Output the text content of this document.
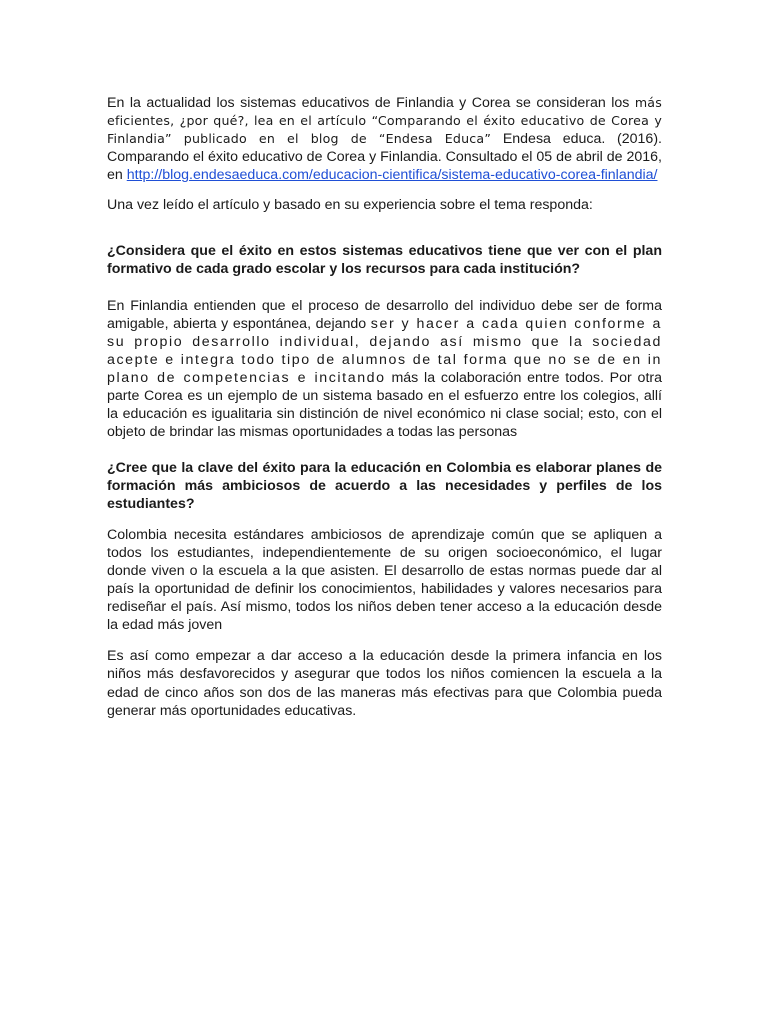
En la actualidad los sistemas educativos de Finlandia y Corea se consideran los más eficientes, ¿por qué?, lea en el artículo “Comparando el éxito educativo de Corea y Finlandia” publicado en el blog de “Endesa Educa” Endesa educa. (2016). Comparando el éxito educativo de Corea y Finlandia. Consultado el 05 de abril de 2016, en http://blog.endesaeduca.com/educacion-cientifica/sistema-educativo-corea-finlandia/

Una vez leído el artículo y basado en su experiencia sobre el tema responda:

¿Considera que el éxito en estos sistemas educativos tiene que ver con el plan formativo de cada grado escolar y los recursos para cada institución?

En Finlandia entienden que el proceso de desarrollo del individuo debe ser de forma amigable, abierta y espontánea, dejando ser y hacer a cada quien conforme a su propio desarrollo individual, dejando así mismo que la sociedad acepte e integra todo tipo de alumnos de tal forma que no se de en in plano de competencias e incitando más la colaboración entre todos. Por otra parte Corea es un ejemplo de un sistema basado en el esfuerzo entre los colegios, allí la educación es igualitaria sin distinción de nivel económico ni clase social; esto, con el objeto de brindar las mismas oportunidades a todas las personas

¿Cree que la clave del éxito para la educación en Colombia es elaborar planes de formación más ambiciosos de acuerdo a las necesidades y perfiles de los estudiantes?

Colombia necesita estándares ambiciosos de aprendizaje común que se apliquen a todos los estudiantes, independientemente de su origen socioeconómico, el lugar donde viven o la escuela a la que asisten. El desarrollo de estas normas puede dar al país la oportunidad de definir los conocimientos, habilidades y valores necesarios para rediseñar el país. Así mismo, todos los niños deben tener acceso a la educación desde la edad más joven

Es así como empezar a dar acceso a la educación desde la primera infancia en los niños más desfavorecidos y asegurar que todos los niños comiencen la escuela a la edad de cinco años son dos de las maneras más efectivas para que Colombia pueda generar más oportunidades educativas.
